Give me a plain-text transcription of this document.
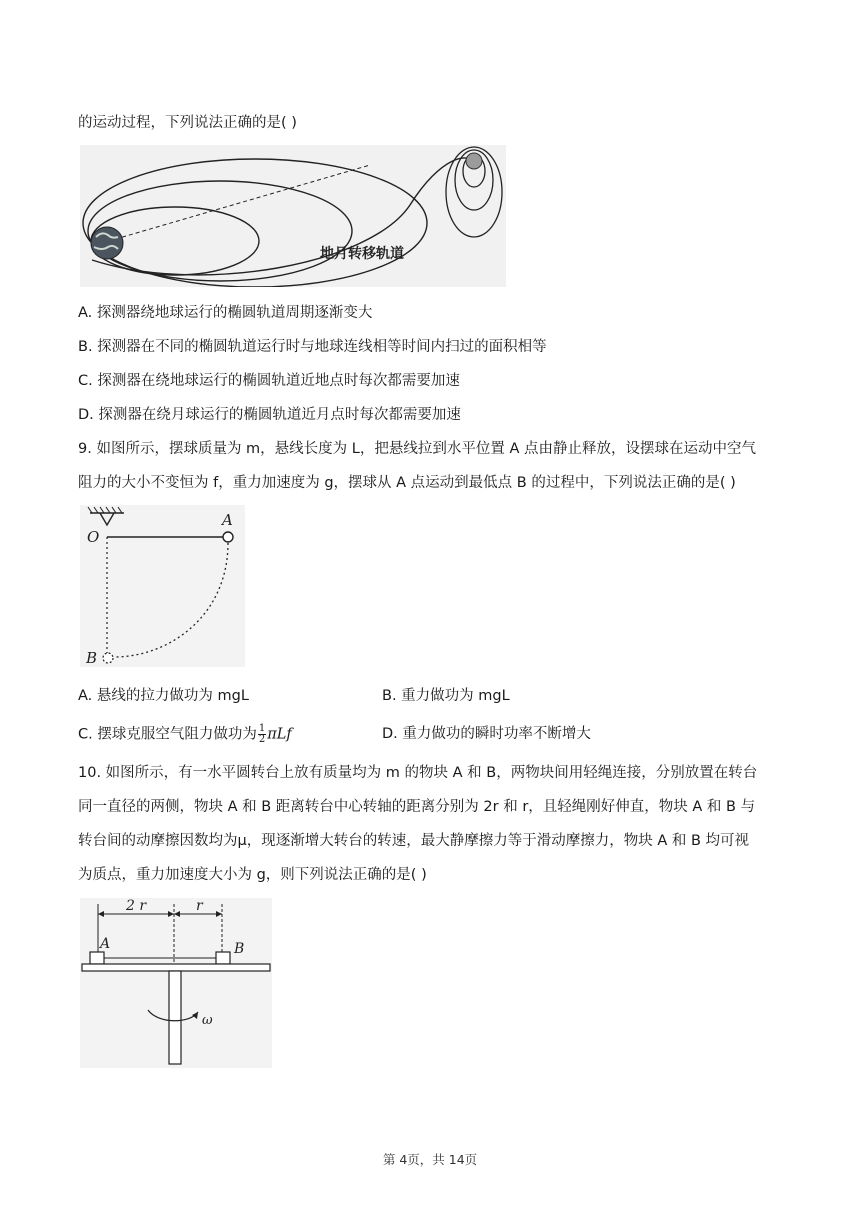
的运动过程，下列说法正确的是( )
地月转移轨道
A. 探测器绕地球运行的椭圆轨道周期逐渐变大
B. 探测器在不同的椭圆轨道运行时与地球连线相等时间内扫过的面积相等
C. 探测器在绕地球运行的椭圆轨道近地点时每次都需要加速
D. 探测器在绕月球运行的椭圆轨道近月点时每次都需要加速
9. 如图所示，摆球质量为 m，悬线长度为 L，把悬线拉到水平位置 A 点由静止释放，设摆球在运动中空气
阻力的大小不变恒为 f，重力加速度为 g，摆球从 A 点运动到最低点 B 的过程中，下列说法正确的是( )
A
O
B
A. 悬线的拉力做功为 mgL	B. 重力做功为 mgL
C. 摆球克服空气阻力做功为 $\frac{1}{2}$ πLf	D. 重力做功的瞬时功率不断增大
10. 如图所示，有一水平圆转台上放有质量均为 m 的物块 A 和 B，两物块间用轻绳连接，分别放置在转台
同一直径的两侧，物块 A 和 B 距离转台中心转轴的距离分别为 2r 和 r，且轻绳刚好伸直，物块 A 和 B 与
转台间的动摩擦因数均为μ，现逐渐增大转台的转速，最大静摩擦力等于滑动摩擦力，物块 A 和 B 均可视
为质点，重力加速度大小为 g，则下列说法正确的是( )
2 r	r
A	B
ω
第 4页，共 14页
